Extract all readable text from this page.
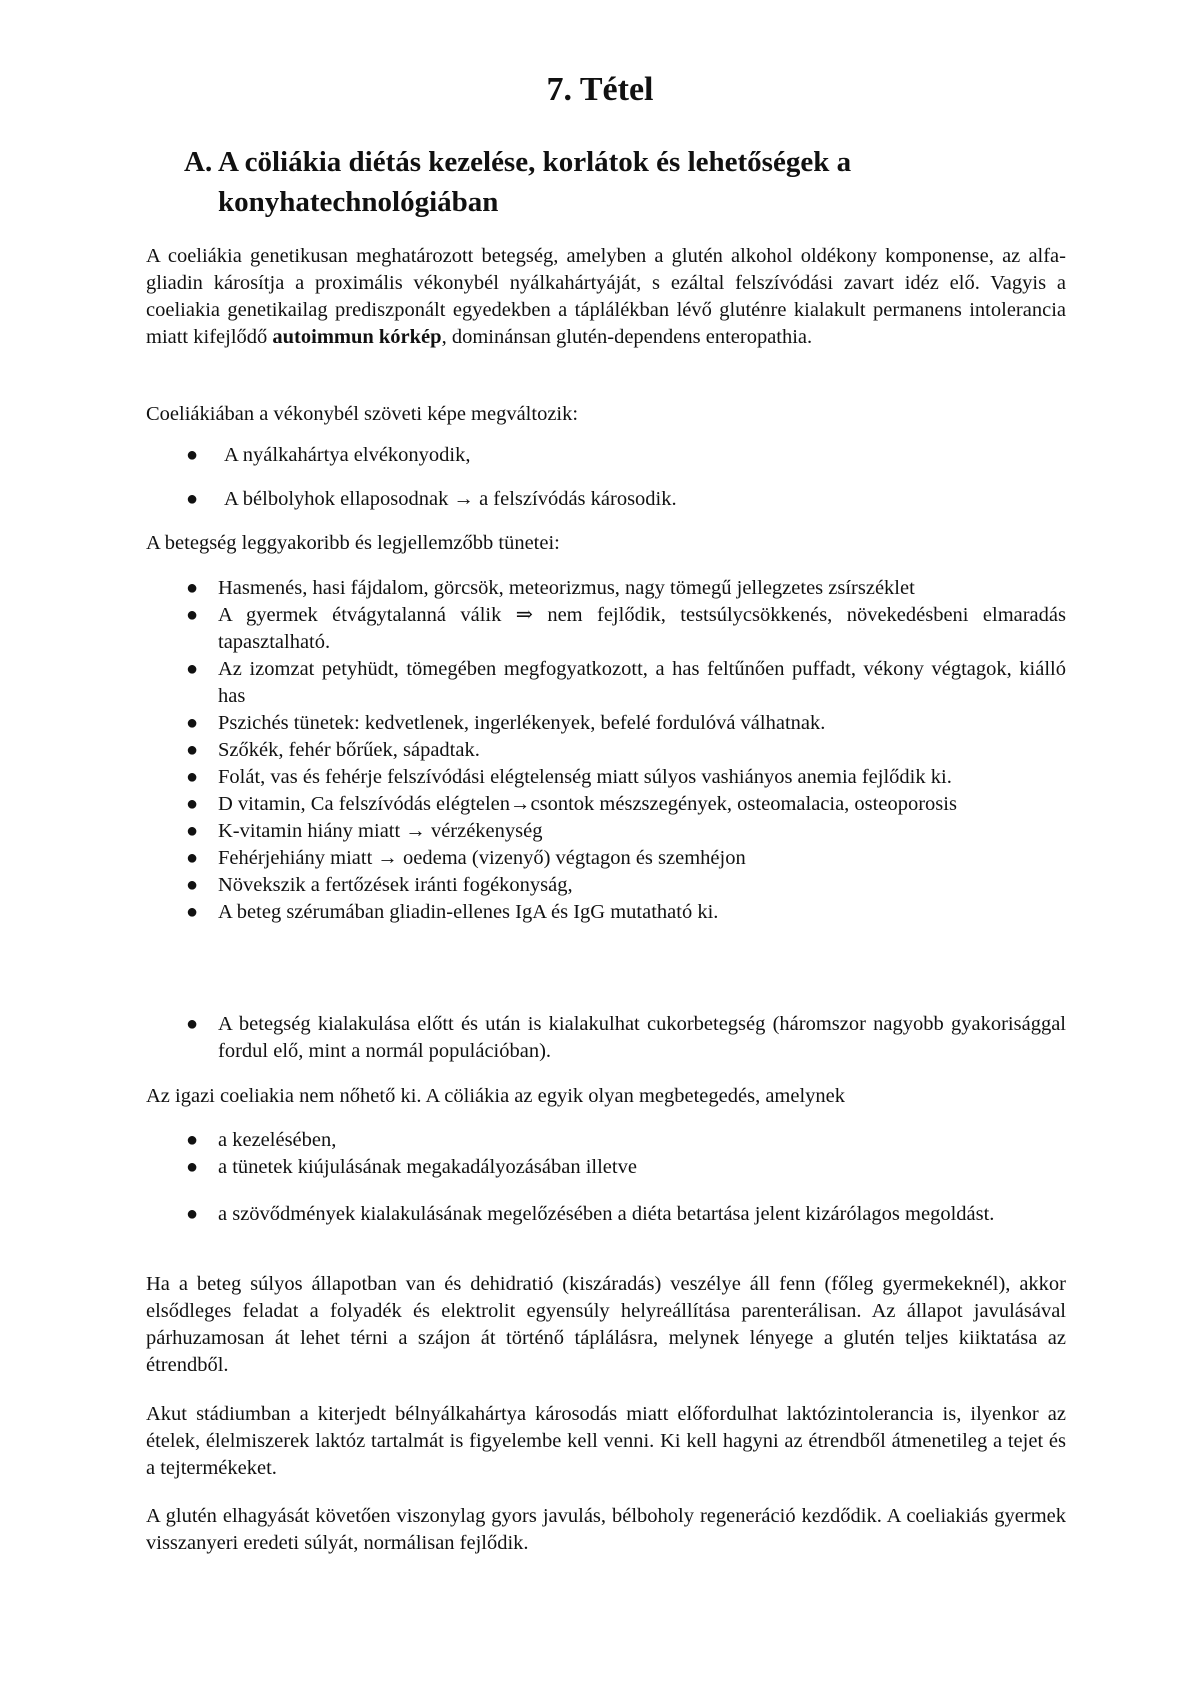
7. Tétel
A. A cöliákia diétás kezelése, korlátok és lehetőségek a konyhatechnológiában

A coeliákia genetikusan meghatározott betegség, amelyben a glutén alkohol oldékony komponense, az alfa-gliadin károsítja a proximális vékonybél nyálkahártyáját, s ezáltal felszívódási zavart idéz elő. Vagyis a coeliakia genetikailag prediszponált egyedekben a táplálékban lévő gluténre kialakult permanens intolerancia miatt kifejlődő autoimmun kórkép, dominánsan glutén-dependens enteropathia.

Coeliákiában a vékonybél szöveti képe megváltozik:

● A nyálkahártya elvékonyodik,
● A bélbolyhok ellaposodnak → a felszívódás károsodik.

A betegség leggyakoribb és legjellemzőbb tünetei:

● Hasmenés, hasi fájdalom, görcsök, meteorizmus, nagy tömegű jellegzetes zsírszéklet
● A gyermek étvágytalanná válik ⇒ nem fejlődik, testsúlycsökkenés, növekedésbeni elmaradás tapasztalható.
● Az izomzat petyhüdt, tömegében megfogyatkozott, a has feltűnően puffadt, vékony végtagok, kiálló has
● Pszichés tünetek: kedvetlenek, ingerlékenyek, befelé fordulóvá válhatnak.
● Szőkék, fehér bőrűek, sápadtak.
● Folát, vas és fehérje felszívódási elégtelenség miatt súlyos vashiányos anemia fejlődik ki.
● D vitamin, Ca felszívódás elégtelen→csontok mészszegények, osteomalacia, osteoporosis
● K-vitamin hiány miatt → vérzékenység
● Fehérjehiány miatt → oedema (vizenyő) végtagon és szemhéjon
● Növekszik a fertőzések iránti fogékonyság,
● A beteg szérumában gliadin-ellenes IgA és IgG mutatható ki.
● A betegség kialakulása előtt és után is kialakulhat cukorbetegség (háromszor nagyobb gyakorisággal fordul elő, mint a normál populációban).

Az igazi coeliakia nem nőhető ki. A cöliákia az egyik olyan megbetegedés, amelynek

● a kezelésében,
● a tünetek kiújulásának megakadályozásában illetve
● a szövődmények kialakulásának megelőzésében a diéta betartása jelent kizárólagos megoldást.

Ha a beteg súlyos állapotban van és dehidratió (kiszáradás) veszélye áll fenn (főleg gyermekeknél), akkor elsődleges feladat a folyadék és elektrolit egyensúly helyreállítása parenterálisan. Az állapot javulásával párhuzamosan át lehet térni a szájon át történő táplálásra, melynek lényege a glutén teljes kiiktatása az étrendből.

Akut stádiumban a kiterjedt bélnyálkahártya károsodás miatt előfordulhat laktózintolerancia is, ilyenkor az ételek, élelmiszerek laktóz tartalmát is figyelembe kell venni. Ki kell hagyni az étrendből átmenetileg a tejet és a tejtermékeket.

A glutén elhagyását követően viszonylag gyors javulás, bélboholy regeneráció kezdődik. A coeliakiás gyermek visszanyeri eredeti súlyát, normálisan fejlődik.
